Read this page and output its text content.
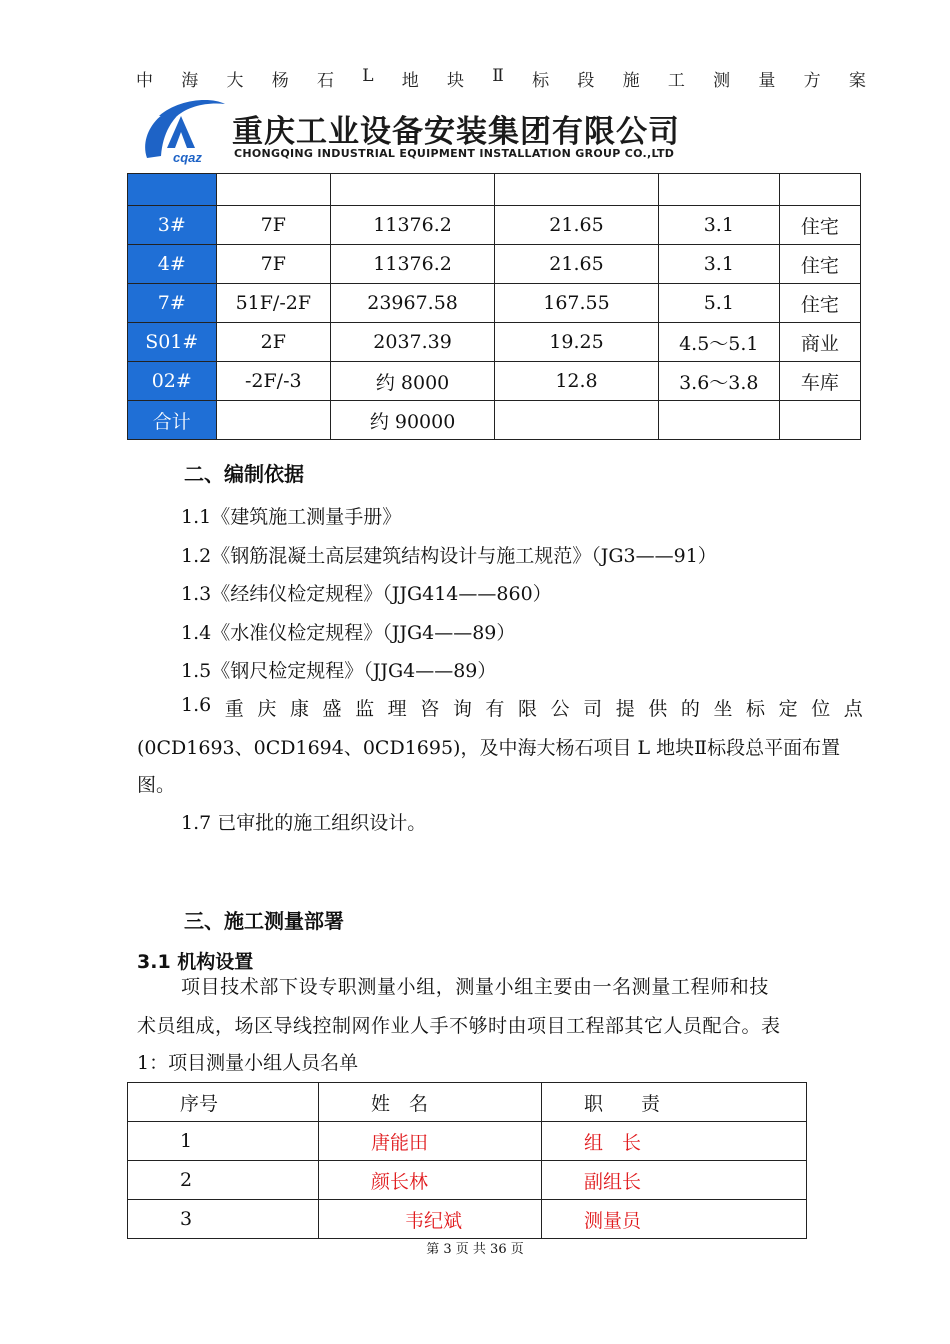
中 海 大 杨 石 L 地 块 Ⅱ 标 段 施 工 测 量 方 案
cqaz
重庆工业设备安装集团有限公司
CHONGQING INDUSTRIAL EQUIPMENT INSTALLATION GROUP CO.,LTD

3#	7F	11376.2	21.65	3.1	住宅
4#	7F	11376.2	21.65	3.1	住宅
7#	51F/-2F	23967.58	167.55	5.1	住宅
S01#	2F	2037.39	19.25	4.5～5.1	商业
02#	-2F/-3	约 8000	12.8	3.6～3.8	车库
合计		约 90000			
二、编制依据
1.1《建筑施工测量手册》
1.2《钢筋混凝土高层建筑结构设计与施工规范》（JG3——91）
1.3《经纬仪检定规程》（JJG414——860）
1.4《水准仪检定规程》（JJG4——89）
1.5《钢尺检定规程》（JJG4——89）
1.6 重 庆 康 盛 监 理 咨 询 有 限 公 司 提 供 的 坐 标 定 位 点
(0CD1693、0CD1694、0CD1695)，及中海大杨石项目 L 地块Ⅱ标段总平面布置
图。
1.7 已审批的施工组织设计。
三、施工测量部署
3.1 机构设置
项目技术部下设专职测量小组，测量小组主要由一名测量工程师和技
术员组成，场区导线控制网作业人手不够时由项目工程部其它人员配合。表
1：项目测量小组人员名单
序号	姓　名	职　　责
1	唐能田	组　长
2	颜长林	副组长
3	韦纪斌	测量员
第 3 页 共 36 页
